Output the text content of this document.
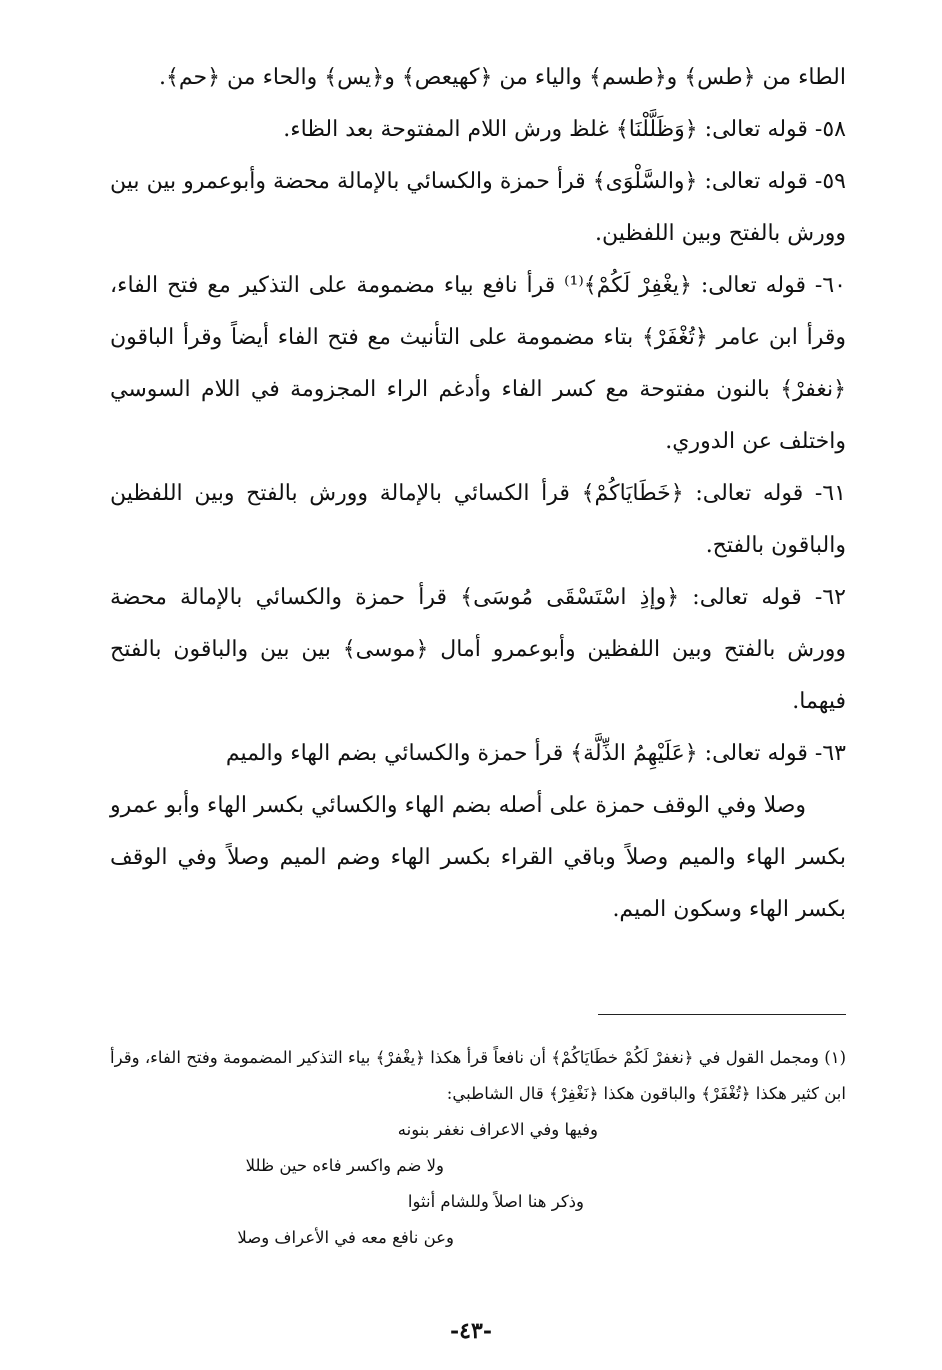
الطاء من ﴿طس﴾ و﴿طسم﴾ والياء من ﴿كهيعص﴾ و﴿يس﴾ والحاء من ﴿حم﴾.

٥٨- قوله تعالى: ﴿وَظَلَّلْنَا﴾ غلظ ورش اللام المفتوحة بعد الظاء.

٥٩- قوله تعالى: ﴿والسَّلْوَى﴾ قرأ حمزة والكسائي بالإمالة محضة وأبوعمرو بين بين وورش بالفتح وبين اللفظين.

٦٠- قوله تعالى: ﴿يغْفِرْ لَكُمْ﴾⁽¹⁾ قرأ نافع بياء مضمومة على التذكير مع فتح الفاء، وقرأ ابن عامر ﴿تُغْفَرْ﴾ بتاء مضمومة على التأنيث مع فتح الفاء أيضاً وقرأ الباقون ﴿نغفرْ﴾ بالنون مفتوحة مع كسر الفاء وأدغم الراء المجزومة في اللام السوسي واختلف عن الدوري.

٦١- قوله تعالى: ﴿خَطَايَاكُمْ﴾ قرأ الكسائي بالإمالة وورش بالفتح وبين اللفظين والباقون بالفتح.

٦٢- قوله تعالى: ﴿وإذِ اسْتَسْقَى مُوسَى﴾ قرأ حمزة والكسائي بالإمالة محضة وورش بالفتح وبين اللفظين وأبوعمرو أمال ﴿موسى﴾ بين بين والباقون بالفتح فيهما.

٦٣- قوله تعالى: ﴿عَلَيْهِمُ الذِّلَّة﴾ قرأ حمزة والكسائي بضم الهاء والميم

وصلا وفي الوقف حمزة على أصله بضم الهاء والكسائي بكسر الهاء وأبو عمرو بكسر الهاء والميم وصلاً وباقي القراء بكسر الهاء وضم الميم وصلاً وفي الوقف بكسر الهاء وسكون الميم.

(١) ومجمل القول في ﴿نغفرْ لَكُمْ خطَايَاكُمْ﴾ أن نافعاً قرأ هكذا ﴿يغْفرْ﴾ بياء التذكير المضمومة وفتح الفاء، وقرأ ابن كثير هكذا ﴿تُغْفَرْ﴾ والباقون هكذا ﴿نَغْفِرْ﴾ قال الشاطبي:

وفيها وفي الاعراف نغفر بنونه
ولا ضم واكسر فاءه حين ظللا
وذكر هنا اصلاً وللشام أنثوا
وعن نافع معه في الأعراف وصلا
-٤٣-
